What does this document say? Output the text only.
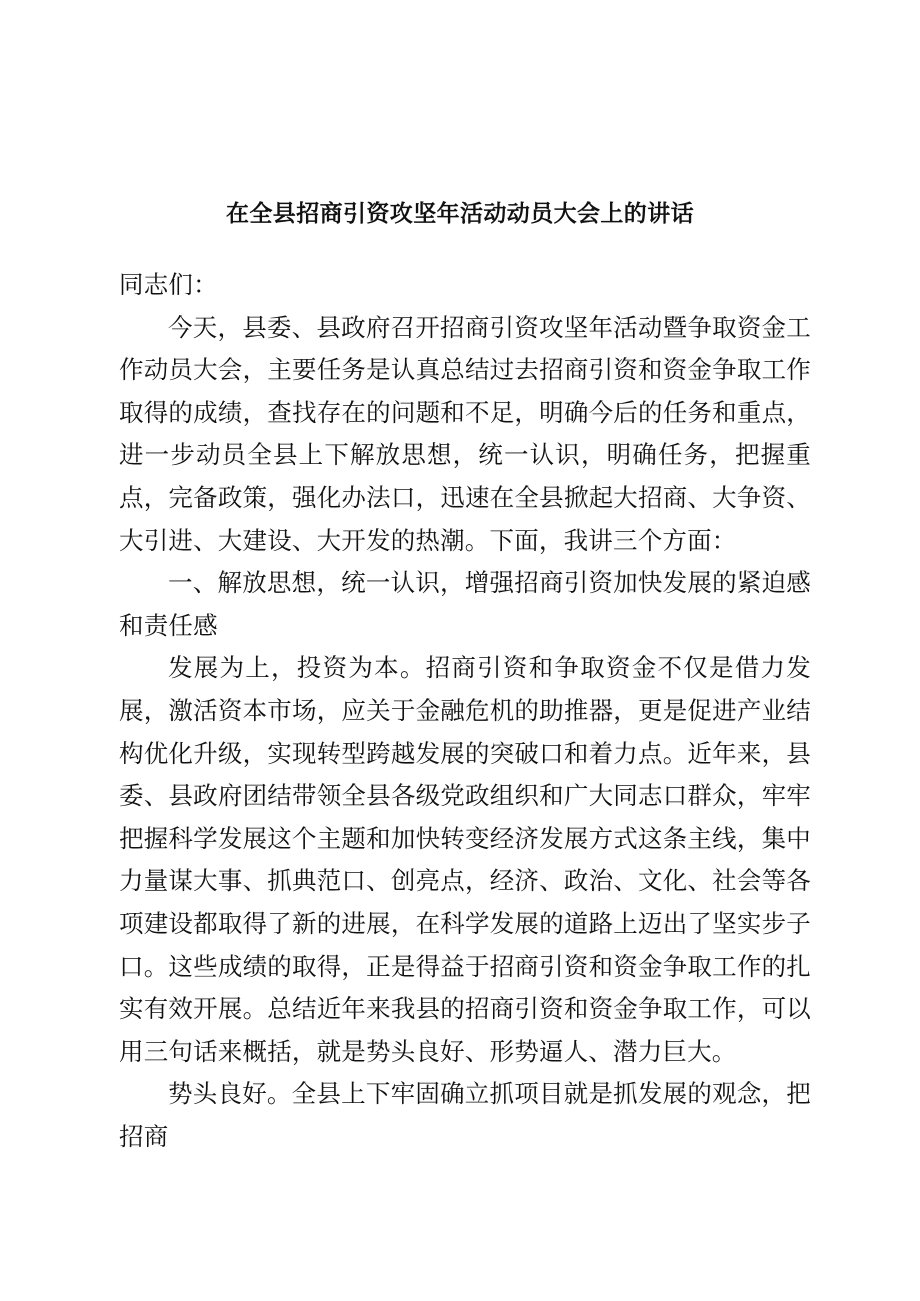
在全县招商引资攻坚年活动动员大会上的讲话

同志们：

今天，县委、县政府召开招商引资攻坚年活动暨争取资金工作动员大会，主要任务是认真总结过去招商引资和资金争取工作取得的成绩，查找存在的问题和不足，明确今后的任务和重点，进一步动员全县上下解放思想，统一认识，明确任务，把握重点，完备政策，强化办法口，迅速在全县掀起大招商、大争资、大引进、大建设、大开发的热潮。下面，我讲三个方面：

一、解放思想，统一认识，增强招商引资加快发展的紧迫感和责任感

发展为上，投资为本。招商引资和争取资金不仅是借力发展，激活资本市场，应关于金融危机的助推器，更是促进产业结构优化升级，实现转型跨越发展的突破口和着力点。近年来，县委、县政府团结带领全县各级党政组织和广大同志口群众，牢牢把握科学发展这个主题和加快转变经济发展方式这条主线，集中力量谋大事、抓典范口、创亮点，经济、政治、文化、社会等各项建设都取得了新的进展，在科学发展的道路上迈出了坚实步子口。这些成绩的取得，正是得益于招商引资和资金争取工作的扎实有效开展。总结近年来我县的招商引资和资金争取工作，可以用三句话来概括，就是势头良好、形势逼人、潜力巨大。

势头良好。全县上下牢固确立抓项目就是抓发展的观念，把招商
